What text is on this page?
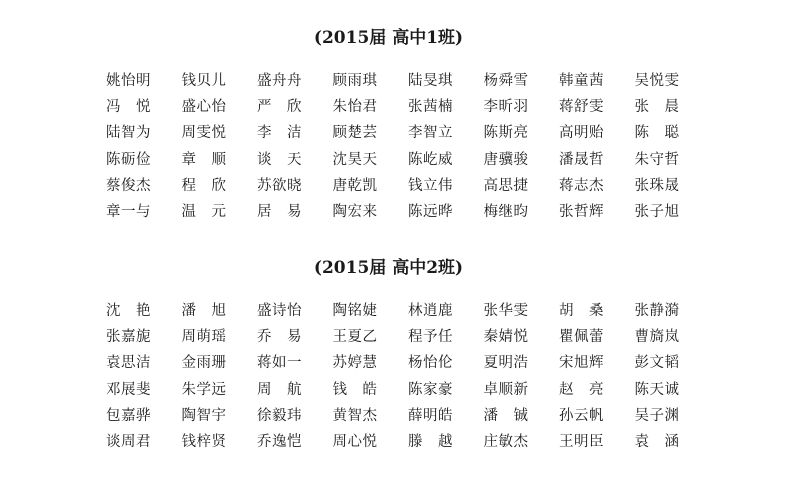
(2015届 高中1班)
姚怡明	钱贝儿	盛舟舟	顾雨琪	陆旻琪	杨舜雪	韩童茜	吴悦雯
冯　悦	盛心怡	严　欣	朱怡君	张茜楠	李昕羽	蒋舒雯	张　晨
陆智为	周雯悦	李　洁	顾楚芸	李智立	陈斯亮	高明贻	陈　聪
陈砺俭	章　顺	谈　天	沈昊天	陈屹威	唐骥骏	潘晟哲	朱守哲
蔡俊杰	程　欣	苏欲晓	唐乾凯	钱立伟	高思捷	蒋志杰	张珠晟
章一与	温　元	居　易	陶宏来	陈远晔	梅继昀	张哲辉	张子旭
(2015届 高中2班)
沈　艳	潘　旭	盛诗怡	陶铭婕	林逍鹿	张华雯	胡　桑	张静漪
张嘉旎	周萌瑶	乔　易	王夏乙	程予任	秦婧悦	瞿佩蕾	曹旖岚
袁思洁	金雨珊	蒋如一	苏婷慧	杨怡伦	夏明浩	宋旭辉	彭文韬
邓展斐	朱学远	周　航	钱　皓	陈家豪	卓顺新	赵　亮	陈天诚
包嘉骅	陶智宇	徐毅玮	黄智杰	薛明皓	潘　铖	孙云帆	吴子渊
谈周君	钱梓贤	乔逸恺	周心悦	滕　越	庄敏杰	王明臣	袁　涵
